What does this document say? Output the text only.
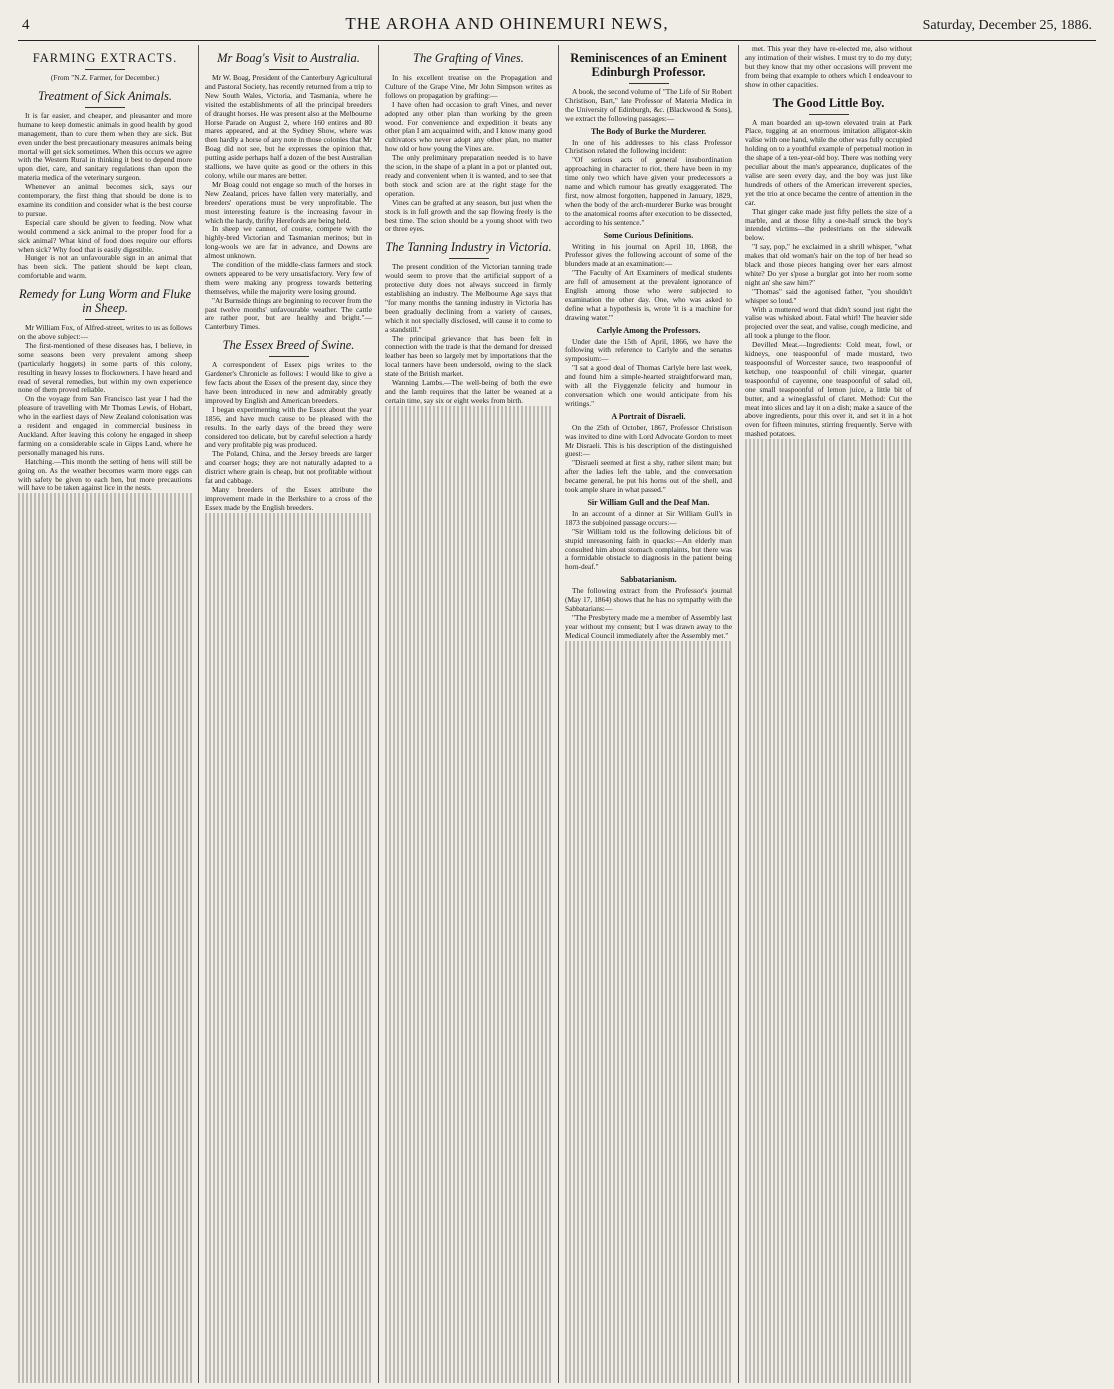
4	THE AROHA AND OHINEMURI NEWS,	Saturday, December 25, 1886.
FARMING EXTRACTS.
(From "N.Z. Farmer, for December.)
Treatment of Sick Animals.

It is far easier, and cheaper, and pleasanter and more humane to keep domestic animals in good health by good management, than to cure them when they are sick. But even under the best precautionary measures animals being mortal will get sick sometimes. When this occurs we agree with the Western Rural in thinking it best to depend more upon diet, care, and sanitary regulations than upon the materia medica of the veterinary surgeon.

Whenever an animal becomes sick, says our contemporary, the first thing that should be done is to examine its condition and consider what is the best course to pursue.

Especial care should be given to feeding. Now what would commend a sick animal to the proper food for a sick animal? What kind of food does require our efforts when sick? Why food that is easily digestible.

Hunger is not an unfavourable sign in an animal that has been sick. The patient should be kept clean, comfortable and warm.

Remedy for Lung Worm and Fluke in Sheep.

Mr William Fox, of Alfred-street, writes to us as follows on the above subject:—

The first-mentioned of these diseases has, I believe, in some seasons been very prevalent among sheep (particularly hoggets) in some parts of this colony, resulting in heavy losses to flockowners. I have heard and read of several remedies, but within my own experience none of them proved reliable.

On the voyage from San Francisco last year I had the pleasure of travelling with Mr Thomas Lewis, of Hobart, who in the earliest days of New Zealand colonisation was a resident and engaged in commercial business in Auckland. After leaving this colony he engaged in sheep farming on a considerable scale in Gipps Land, where he personally managed his runs.

Hatching.—This month the setting of hens will still be going on. As the weather becomes warm more eggs can with safety be given to each hen, but more precautions will have to be taken against lice in the nests.

Mr Boag's Visit to Australia.

Mr W. Boag, President of the Canterbury Agricultural and Pastoral Society, has recently returned from a trip to New South Wales, Victoria, and Tasmania, where he visited the establishments of all the principal breeders of draught horses. He was present also at the Melbourne Horse Parade on August 2, where 160 entires and 80 mares appeared, and at the Sydney Show, where was then hardly a horse of any note in those colonies that Mr Boag did not see, but he expresses the opinion that, putting aside perhaps half a dozen of the best Australian stallions, we have quite as good or the others in this colony, while our mares are better.

Mr Boag could not engage so much of the horses in New Zealand, prices have fallen very materially, and breeders' operations must be very unprofitable. The most interesting feature is the increasing favour in which the hardy, thrifty Herefords are being held.

In sheep we cannot, of course, compete with the highly-bred Victorian and Tasmanian merinos; but in long-wools we are far in advance, and Downs are almost unknown.

The condition of the middle-class farmers and stock owners appeared to be very unsatisfactory. Very few of them were making any progress towards bettering themselves, while the majority were losing ground.

"At Burnside things are beginning to recover from the past twelve months' unfavourable weather. The cattle are rather poor, but are healthy and bright."—Canterbury Times.

The Essex Breed of Swine.

A correspondent of Essex pigs writes to the Gardener's Chronicle as follows: I would like to give a few facts about the Essex of the present day, since they have been introduced in new and admirably greatly improved by English and American breeders.

I began experimenting with the Essex about the year 1856, and have much cause to be pleased with the results. In the early days of the breed they were considered too delicate, but by careful selection a hardy and very profitable pig was produced.

The Poland, China, and the Jersey breeds are larger and coarser hogs; they are not naturally adapted to a district where grain is cheap, but not profitable without fat and cabbage.

Many breeders of the Essex attribute the improvement made in the Berkshire to a cross of the Essex made by the English breeders.

The Grafting of Vines.

In his excellent treatise on the Propagation and Culture of the Grape Vine, Mr John Simpson writes as follows on propagation by grafting:—

I have often had occasion to graft Vines, and never adopted any other plan than working by the green wood. For convenience and expedition it beats any other plan I am acquainted with, and I know many good cultivators who never adopt any other plan, no matter how old or how young the Vines are.

The only preliminary preparation needed is to have the scion, in the shape of a plant in a pot or planted out, ready and convenient when it is wanted, and to see that both stock and scion are at the right stage for the operation.

Vines can be grafted at any season, but just when the stock is in full growth and the sap flowing freely is the best time. The scion should be a young shoot with two or three eyes.

The Tanning Industry in Victoria.

The present condition of the Victorian tanning trade would seem to prove that the artificial support of a protective duty does not always succeed in firmly establishing an industry. The Melbourne Age says that "for many months the tanning industry in Victoria has been gradually declining from a variety of causes, which it not specially disclosed, will cause it to come to a standstill."

The principal grievance that has been felt in connection with the trade is that the demand for dressed leather has been so largely met by importations that the local tanners have been undersold, owing to the slack state of the British market.

Wanning Lambs.—The well-being of both the ewe and the lamb requires that the latter be weaned at a certain time, say six or eight weeks from birth.

Reminiscences of an Eminent Edinburgh Professor.

A book, the second volume of "The Life of Sir Robert Christison, Bart," late Professor of Materia Medica in the University of Edinburgh, &c. (Blackwood & Sons), we extract the following passages:—

The Body of Burke the Murderer.

In one of his addresses to his class Professor Christison related the following incident:

"Of serious acts of general insubordination approaching in character to riot, there have been in my time only two which have given your predecessors a name and which rumour has greatly exaggerated. The first, now almost forgotten, happened in January, 1829, when the body of the arch-murderer Burke was brought to the anatomical rooms after execution to be dissected, according to his sentence."

Some Curious Definitions.

Writing in his journal on April 10, 1868, the Professor gives the following account of some of the blunders made at an examination:—

"The Faculty of Art Examiners of medical students are full of amusement at the prevalent ignorance of English among those who were subjected to examination the other day. One, who was asked to define what a hypothesis is, wrote 'it is a machine for drawing water.'"

Carlyle Among the Professors.

Under date the 15th of April, 1866, we have the following with reference to Carlyle and the senatus symposium:—

"I sat a good deal of Thomas Carlyle here last week, and found him a simple-hearted straightforward man, with all the Fiyggenzle felicity and humour in conversation which one would anticipate from his writings."

A Portrait of Disraeli.

On the 25th of October, 1867, Professor Christison was invited to dine with Lord Advocate Gordon to meet Mr Disraeli. This is his description of the distinguished guest:—

"Disraeli seemed at first a shy, rather silent man; but after the ladies left the table, and the conversation became general, he put his horns out of the shell, and took ample share in what passed."

Sir William Gull and the Deaf Man.

In an account of a dinner at Sir William Gull's in 1873 the subjoined passage occurs:—

"Sir William told us the following delicious bit of stupid unreasoning faith in quacks:—An elderly man consulted him about stomach complaints, but there was a formidable obstacle to diagnosis in the patient being horn-deaf."

Sabbatarianism.

The following extract from the Professor's journal (May 17, 1864) shows that he has no sympathy with the Sabbatarians:—

"The Presbytery made me a member of Assembly last year without my consent; but I was drawn away to the Medical Council immediately after the Assembly met."

met. This year they have re-elected me, also without any intimation of their wishes. I must try to do my duty; but they know that my other occasions will prevent me from being that example to others which I endeavour to show in other capacities.

The Good Little Boy.

A man boarded an up-town elevated train at Park Place, tugging at an enormous imitation alligator-skin valise with one hand, while the other was fully occupied holding on to a youthful example of perpetual motion in the shape of a ten-year-old boy. There was nothing very peculiar about the man's appearance, duplicates of the valise are seen every day, and the boy was just like hundreds of others of the American irreverent species, yet the trio at once became the centre of attention in the car.

That ginger cake made just fifty pellets the size of a marble, and at those fifty a one-half struck the boy's intended victims—the pedestrians on the sidewalk below.

"I say, pop," he exclaimed in a shrill whisper, "what makes that old woman's hair on the top of her head so black and those pieces hanging over her ears almost white? Do yer s'pose a burglar got into her room some night an' she saw him?"

"Thomas" said the agonised father, "you shouldn't whisper so loud."

With a muttered word that didn't sound just right the valise was whisked about. Fatal whirl! The heavier side projected over the seat, and valise, cough medicine, and all took a plunge to the floor.

Devilled Meat.—Ingredients: Cold meat, fowl, or kidneys, one teaspoonful of made mustard, two teaspoonsful of Worcester sauce, two teaspoonful of ketchup, one teaspoonful of chili vinegar, quarter teaspoonful of cayenne, one teaspoonful of salad oil, one small teaspoonful of lemon juice, a little bit of butter, and a wineglassful of claret. Method: Cut the meat into slices and lay it on a dish; make a sauce of the above ingredients, pour this over it, and set it in a hot oven for fifteen minutes, stirring frequently. Serve with mashed potatoes.
